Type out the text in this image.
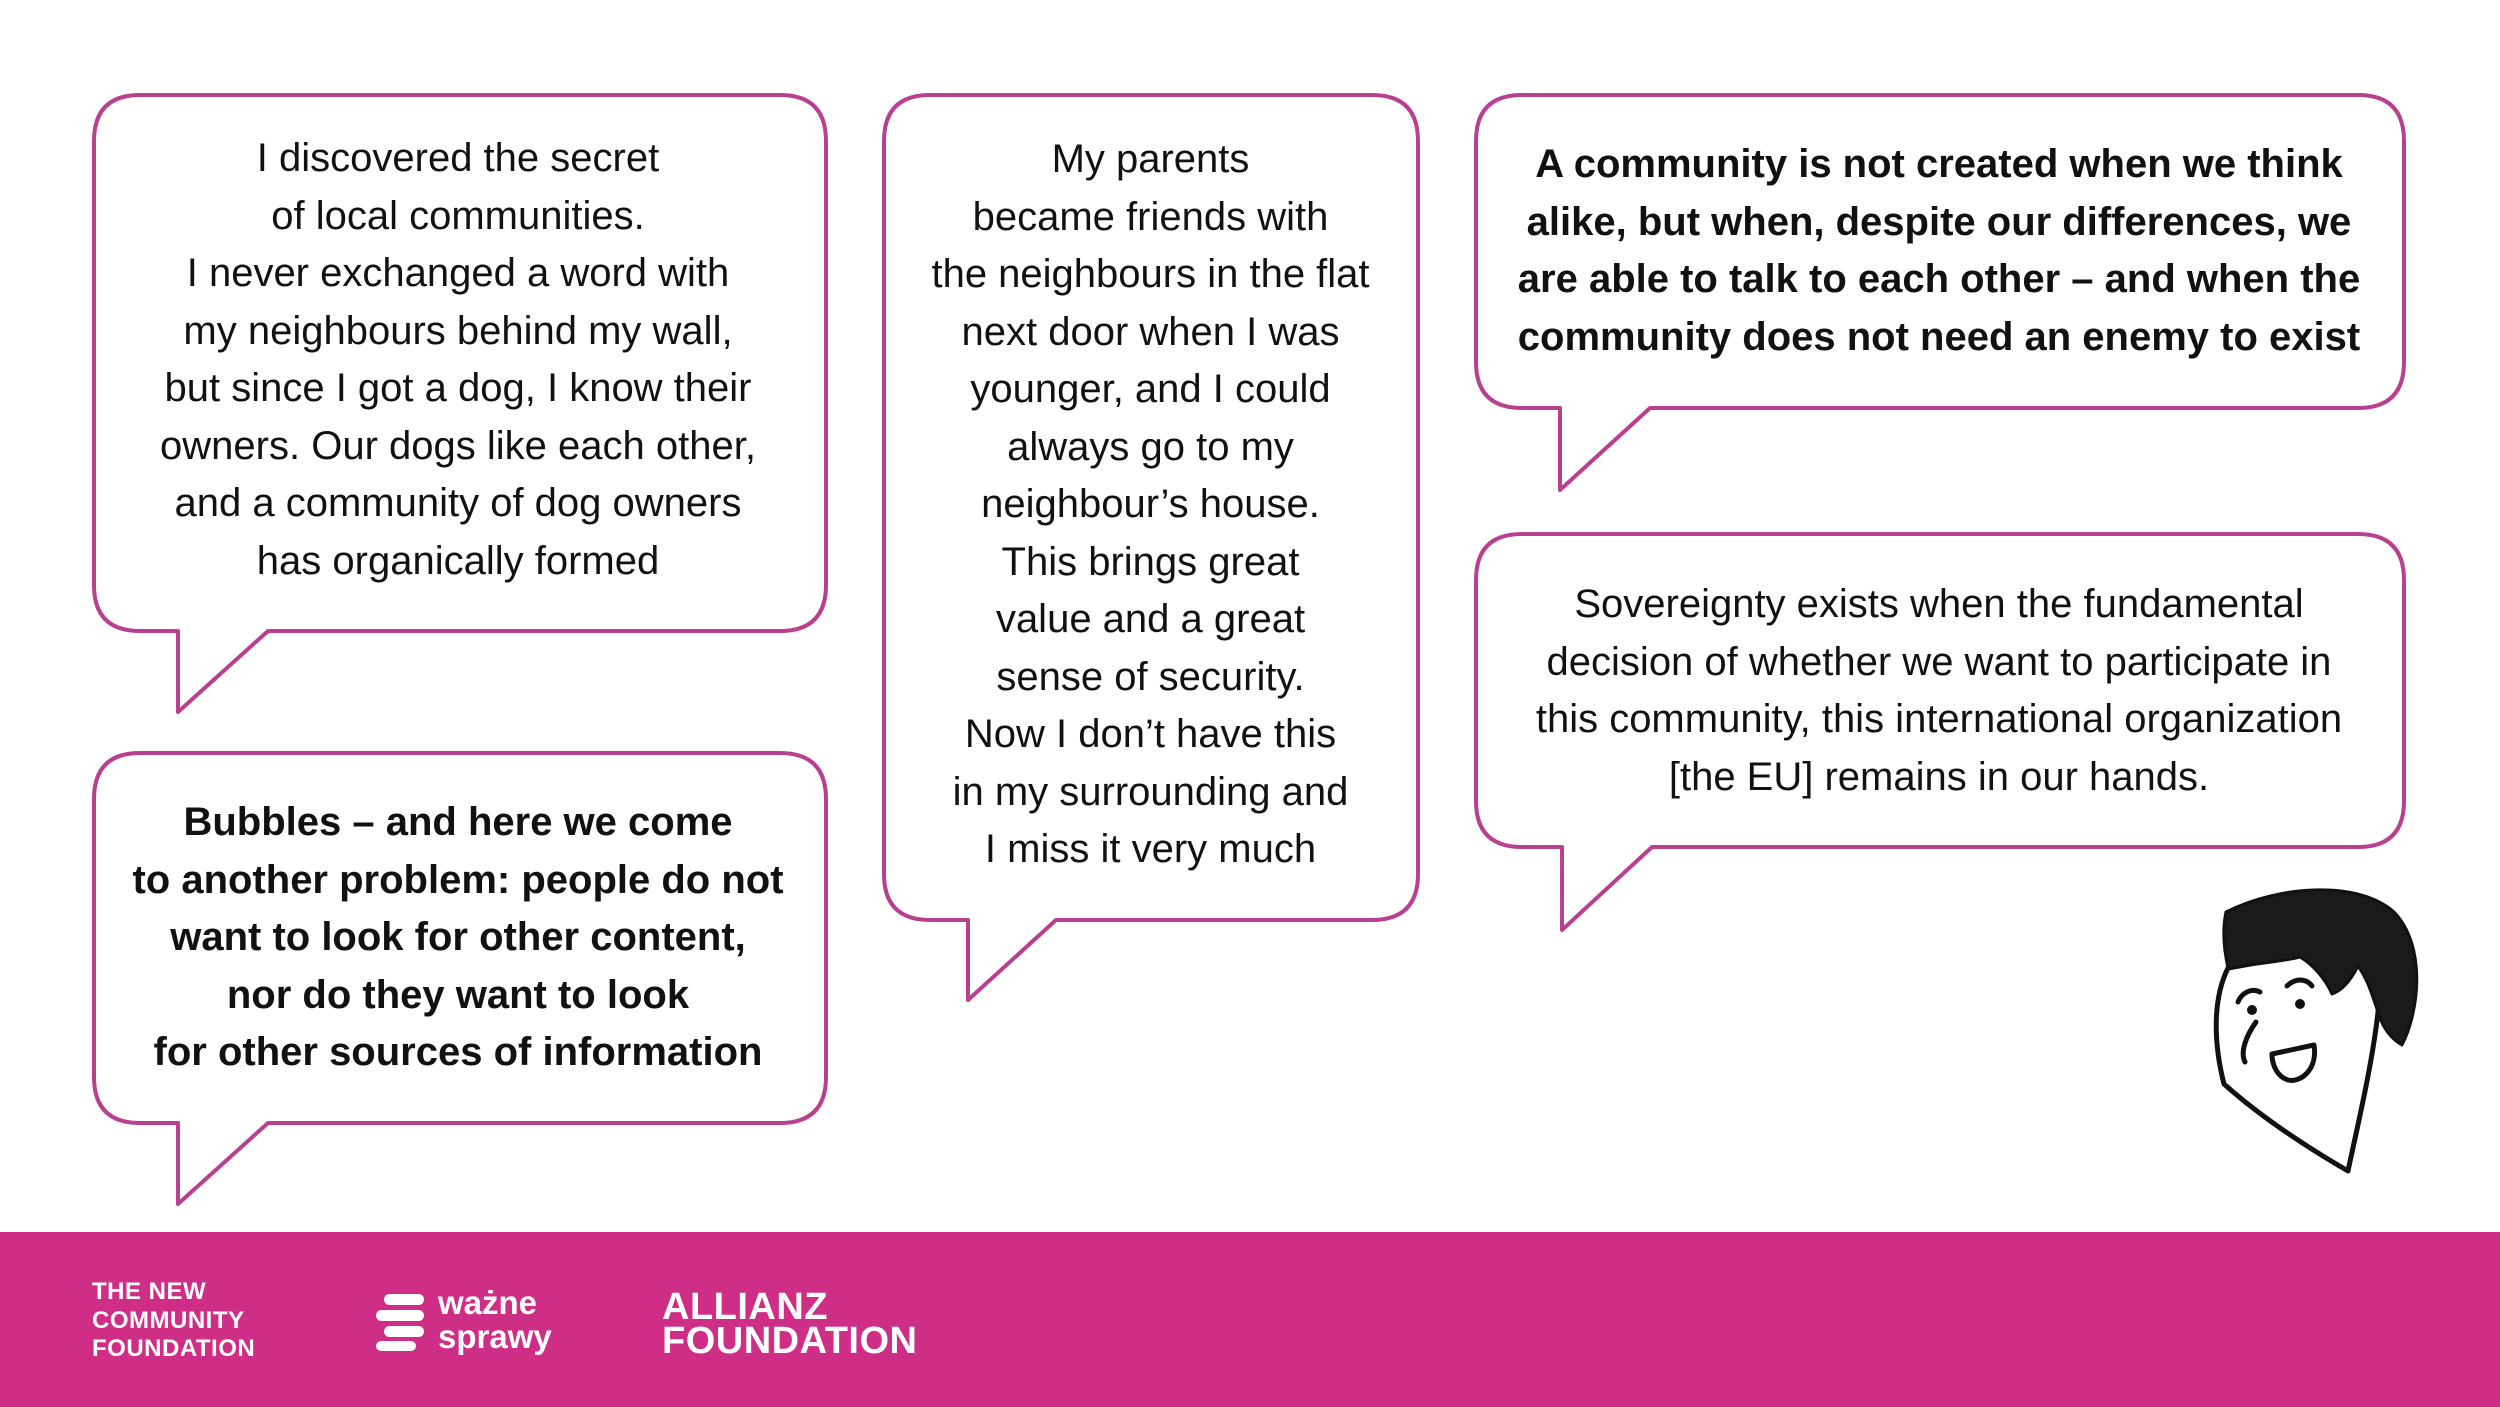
I discovered the secret
of local communities.
I never exchanged a word with
my neighbours behind my wall,
but since I got a dog, I know their
owners. Our dogs like each other,
and a community of dog owners
has organically formed
Bubbles – and here we come
to another problem: people do not
want to look for other content,
nor do they want to look
for other sources of information
My parents
became friends with
the neighbours in the flat
next door when I was
younger, and I could
always go to my
neighbour’s house.
This brings great
value and a great
sense of security.
Now I don’t have this
in my surrounding and
I miss it very much
A community is not created when we think
alike, but when, despite our differences, we
are able to talk to each other – and when the
community does not need an enemy to exist
Sovereignty exists when the fundamental
decision of whether we want to participate in
this community, this international organization
[the EU] remains in our hands.
THE NEW
COMMUNITY
FOUNDATION
ważne
sprawy
ALLIANZ
FOUNDATION
